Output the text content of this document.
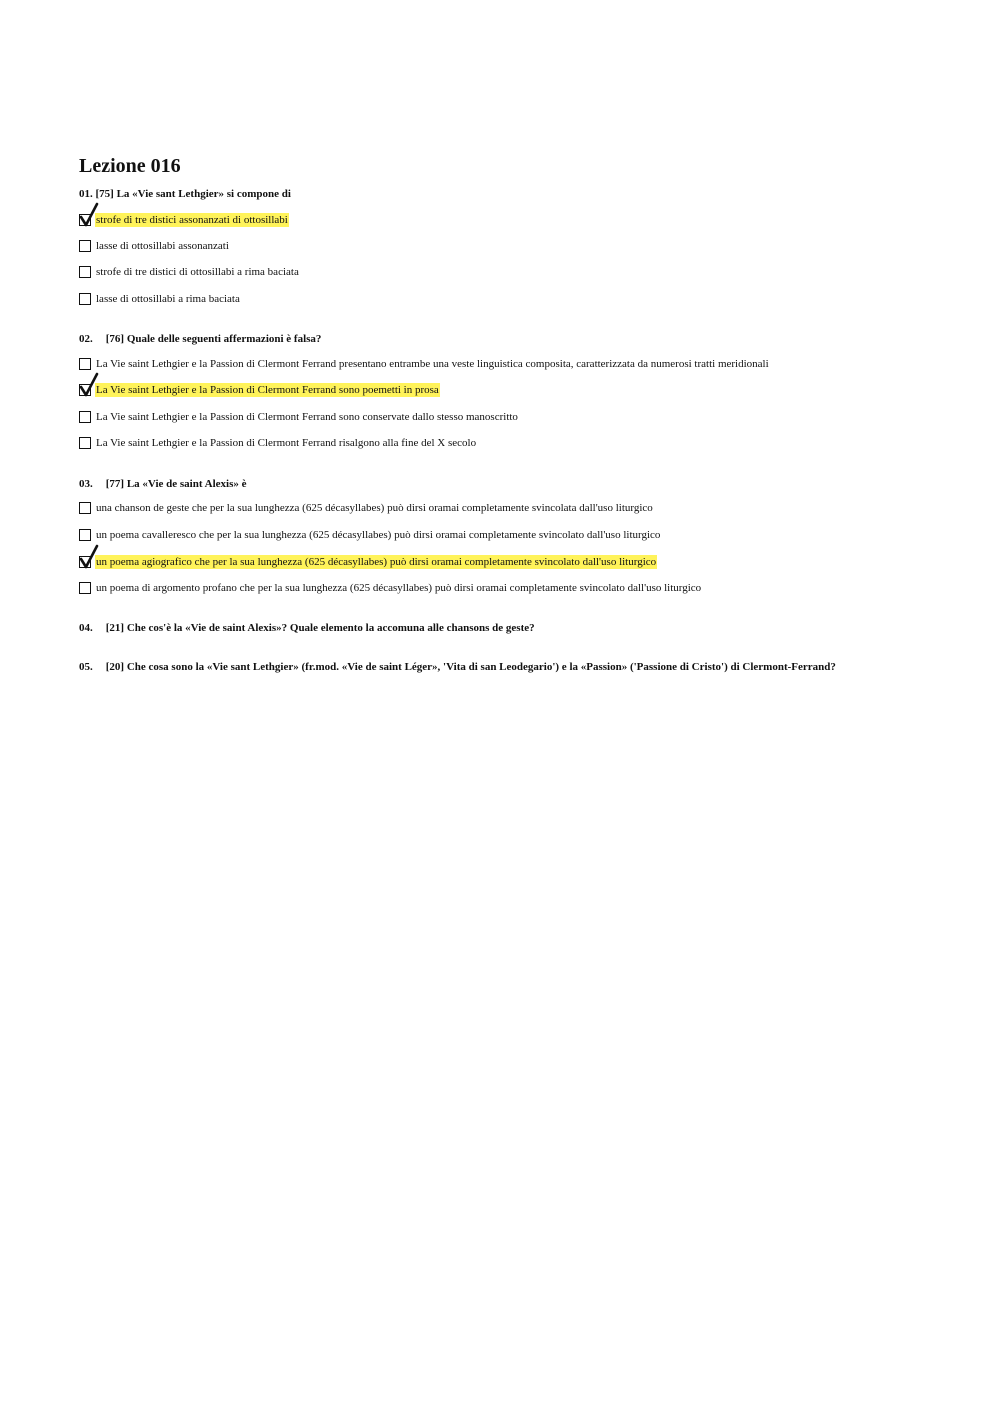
Lezione 016
01. [75] La «Vie sant Lethgier» si compone di
strofe di tre distici assonanzati di ottosillabi
lasse di ottosillabi assonanzati
strofe di tre distici di ottosillabi a rima baciata
lasse di ottosillabi a rima baciata
02. [76] Quale delle seguenti affermazioni è falsa?
La Vie saint Lethgier e la Passion di Clermont Ferrand presentano entrambe una veste linguistica composita, caratterizzata da numerosi tratti meridionali
La Vie saint Lethgier e la Passion di Clermont Ferrand sono poemetti in prosa
La Vie saint Lethgier e la Passion di Clermont Ferrand sono conservate dallo stesso manoscritto
La Vie saint Lethgier e la Passion di Clermont Ferrand risalgono alla fine del X secolo
03. [77] La «Vie de saint Alexis» è
una chanson de geste che per la sua lunghezza (625 décasyllabes) può dirsi oramai completamente svincolata dall'uso liturgico
un poema cavalleresco che per la sua lunghezza (625 décasyllabes) può dirsi oramai completamente svincolato dall'uso liturgico
un poema agiografico che per la sua lunghezza (625 décasyllabes) può dirsi oramai completamente svincolato dall'uso liturgico
un poema di argomento profano che per la sua lunghezza (625 décasyllabes) può dirsi oramai completamente svincolato dall'uso liturgico
04. [21] Che cos'è la «Vie de saint Alexis»? Quale elemento la accomuna alle chansons de geste?
05. [20] Che cosa sono la «Vie sant Lethgier» (fr.mod. «Vie de saint Léger», 'Vita di san Leodegario') e la «Passion» ('Passione di Cristo') di Clermont-Ferrand?
